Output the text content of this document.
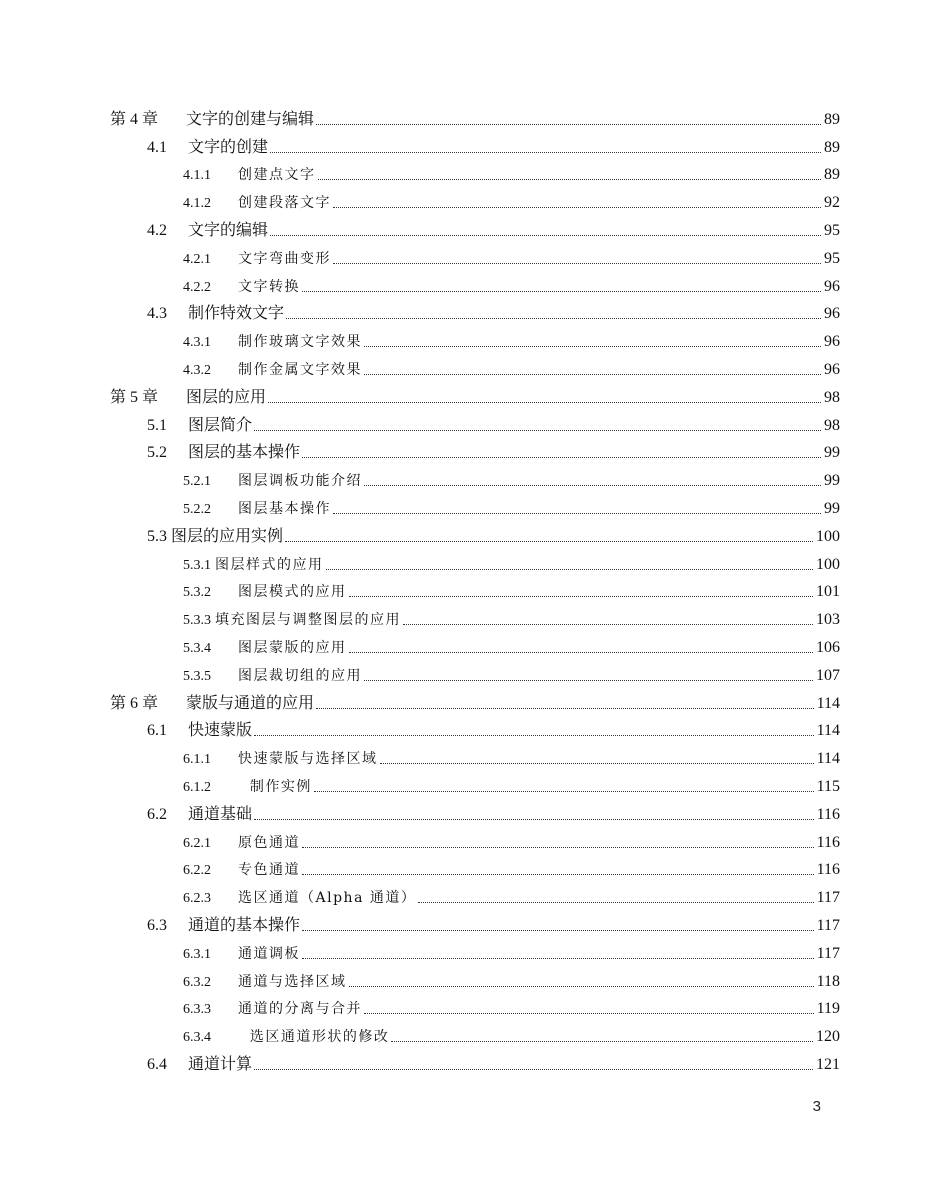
第 4 章	文字的创建与编辑	89
4.1	文字的创建	89
4.1.1	创建点文字	89
4.1.2	创建段落文字	92
4.2	文字的编辑	95
4.2.1	文字弯曲变形	95
4.2.2	文字转换	96
4.3	制作特效文字	96
4.3.1	制作玻璃文字效果	96
4.3.2	制作金属文字效果	96
第 5 章	图层的应用	98
5.1	图层简介	98
5.2	图层的基本操作	99
5.2.1	图层调板功能介绍	99
5.2.2	图层基本操作	99
5.3 图层的应用实例	100
5.3.1 图层样式的应用	100
5.3.2	图层模式的应用	101
5.3.3 填充图层与调整图层的应用	103
5.3.4	图层蒙版的应用	106
5.3.5	图层裁切组的应用	107
第 6 章	蒙版与通道的应用	114
6.1	快速蒙版	114
6.1.1	快速蒙版与选择区域	114
6.1.2	制作实例	115
6.2	通道基础	116
6.2.1	原色通道	116
6.2.2	专色通道	116
6.2.3	选区通道（Alpha 通道）	117
6.3	通道的基本操作	117
6.3.1	通道调板	117
6.3.2	通道与选择区域	118
6.3.3	通道的分离与合并	119
6.3.4	选区通道形状的修改	120
6.4	通道计算	121
3
